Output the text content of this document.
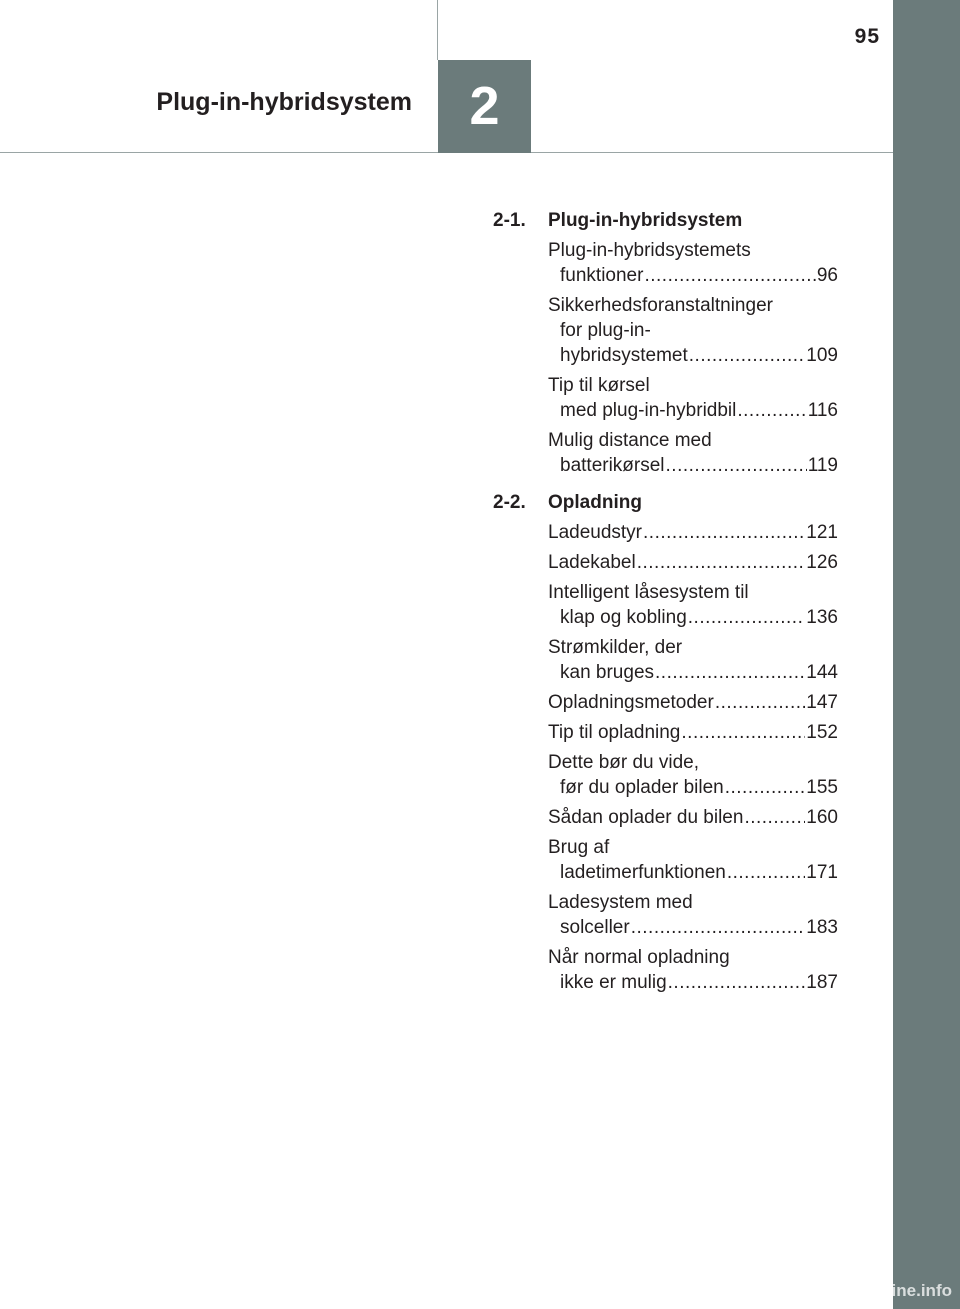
Plug-in-hybridsystem	2
95
2-1.	Plug-in-hybridsystem
Plug-in-hybridsystemets
funktioner .....	96
Sikkerhedsforanstaltninger
for plug-in-
hybridsystemet .....	109
Tip til kørsel
med plug-in-hybridbil .....	116
Mulig distance med
batterikørsel .....	119
2-2.	Opladning
Ladeudstyr .....	121
Ladekabel .....	126
Intelligent låsesystem til
klap og kobling .....	136
Strømkilder, der
kan bruges .....	144
Opladningsmetoder .....	147
Tip til opladning .....	152
Dette bør du vide,
før du oplader bilen .....	155
Sådan oplader du bilen .....	160
Brug af
ladetimerfunktionen .....	171
Ladesystem med
solceller .....	183
Når normal opladning
ikke er mulig .....	187
carmanualsonline.info
